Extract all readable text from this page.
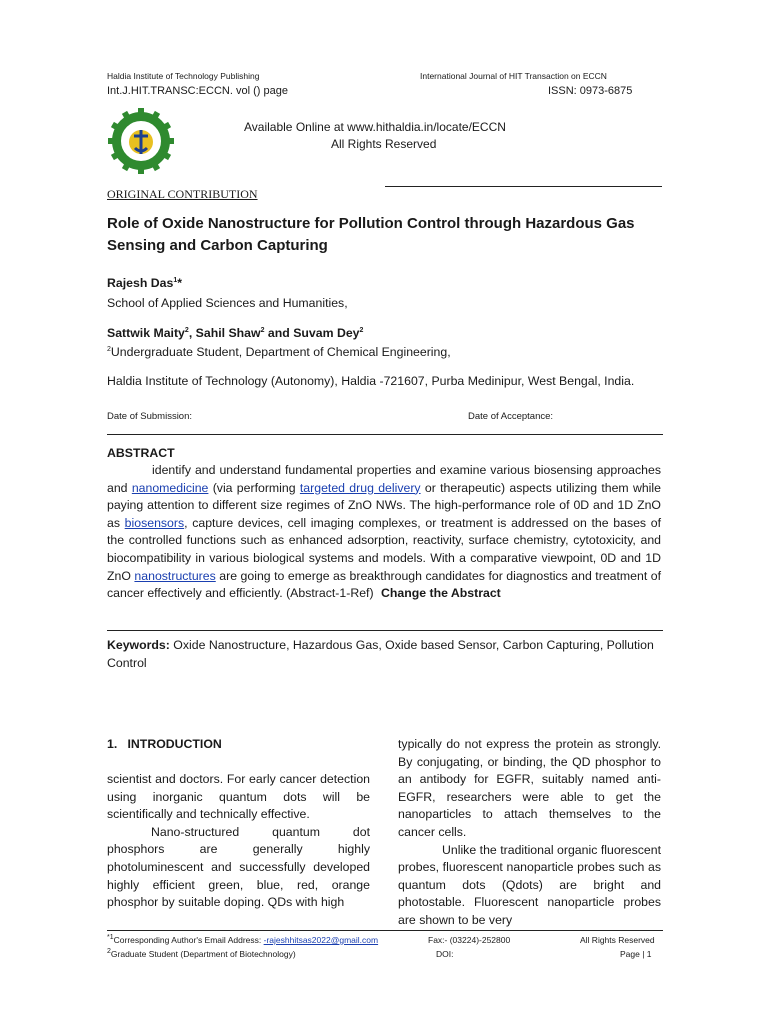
Haldia Institute of Technology Publishing
Int.J.HIT.TRANSC:ECCN. vol () page
International Journal of HIT Transaction on ECCN
ISSN: 0973-6875
Available Online at www.hithaldia.in/locate/ECCN
All Rights Reserved
ORIGINAL CONTRIBUTION
Role of Oxide Nanostructure for Pollution Control through Hazardous Gas Sensing and Carbon Capturing
Rajesh Das$^1$*
School of Applied Sciences and Humanities,
Sattwik Maity$^2$, Sahil Shaw$^2$ and Suvam Dey$^2$
$^2$Undergraduate Student, Department of Chemical Engineering,
Haldia Institute of Technology (Autonomy), Haldia -721607, Purba Medinipur, West Bengal, India.
Date of Submission:	Date of Acceptance:
ABSTRACT
identify and understand fundamental properties and examine various biosensing approaches and nanomedicine (via performing targeted drug delivery or therapeutic) aspects utilizing them while paying attention to different size regimes of ZnO NWs. The high-performance role of 0D and 1D ZnO as biosensors, capture devices, cell imaging complexes, or treatment is addressed on the bases of the controlled functions such as enhanced adsorption, reactivity, surface chemistry, cytotoxicity, and biocompatibility in various biological systems and models. With a comparative viewpoint, 0D and 1D ZnO nanostructures are going to emerge as breakthrough candidates for diagnostics and treatment of cancer effectively and efficiently. (Abstract-1-Ref) Change the Abstract
Keywords: Oxide Nanostructure, Hazardous Gas, Oxide based Sensor, Carbon Capturing, Pollution Control
1.   INTRODUCTION

scientist and doctors. For early cancer detection using inorganic quantum dots will be scientifically and technically effective.

Nano-structured quantum dot phosphors are generally highly photoluminescent and successfully developed highly efficient green, blue, red, orange phosphor by suitable doping. QDs with high

typically do not express the protein as strongly. By conjugating, or binding, the QD phosphor to an antibody for EGFR, suitably named anti-EGFR, researchers were able to get the nanoparticles to attach themselves to the cancer cells.

Unlike the traditional organic fluorescent probes, fluorescent nanoparticle probes such as quantum dots (Qdots) are bright and photostable. Fluorescent nanoparticle probes are shown to be very

$^{*1}$Corresponding Author's Email Address: -rajeshhitsas2022@gmail.com	Fax:- (03224)-252800	All Rights Reserved
$^2$Graduate Student (Department of Biotechnology)	DOI:	Page | 1
